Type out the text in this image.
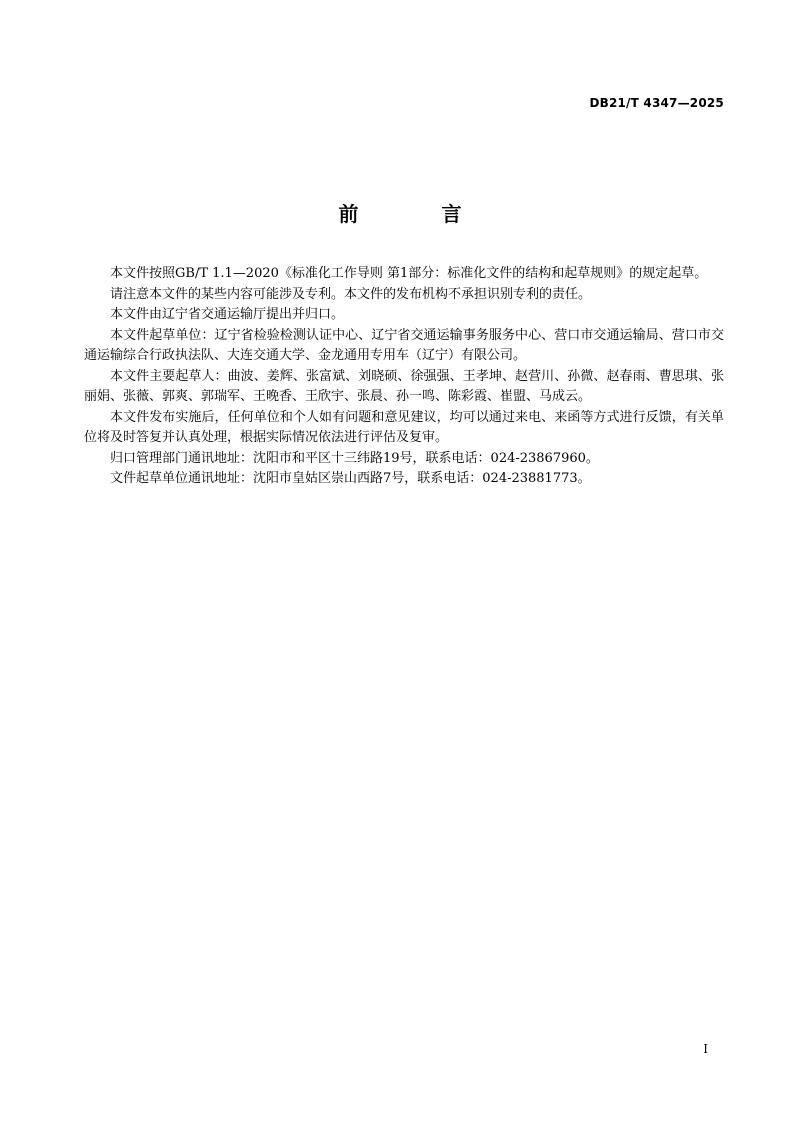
DB21/T 4347—2025
前 言

本文件按照GB/T 1.1—2020《标准化工作导则 第1部分：标准化文件的结构和起草规则》的规定起草。

请注意本文件的某些内容可能涉及专利。本文件的发布机构不承担识别专利的责任。

本文件由辽宁省交通运输厅提出并归口。

本文件起草单位：辽宁省检验检测认证中心、辽宁省交通运输事务服务中心、营口市交通运输局、营口市交通运输综合行政执法队、大连交通大学、金龙通用专用车（辽宁）有限公司。

本文件主要起草人：曲波、姜辉、张富斌、刘晓硕、徐强强、王孝坤、赵营川、孙微、赵春雨、曹思琪、张丽娟、张薇、郭爽、郭瑞军、王晚香、王欣宇、张晨、孙一鸣、陈彩霞、崔盟、马成云。

本文件发布实施后，任何单位和个人如有问题和意见建议，均可以通过来电、来函等方式进行反馈，有关单位将及时答复并认真处理，根据实际情况依法进行评估及复审。

归口管理部门通讯地址：沈阳市和平区十三纬路19号，联系电话：024-23867960。

文件起草单位通讯地址：沈阳市皇姑区崇山西路7号，联系电话：024-23881773。

I
